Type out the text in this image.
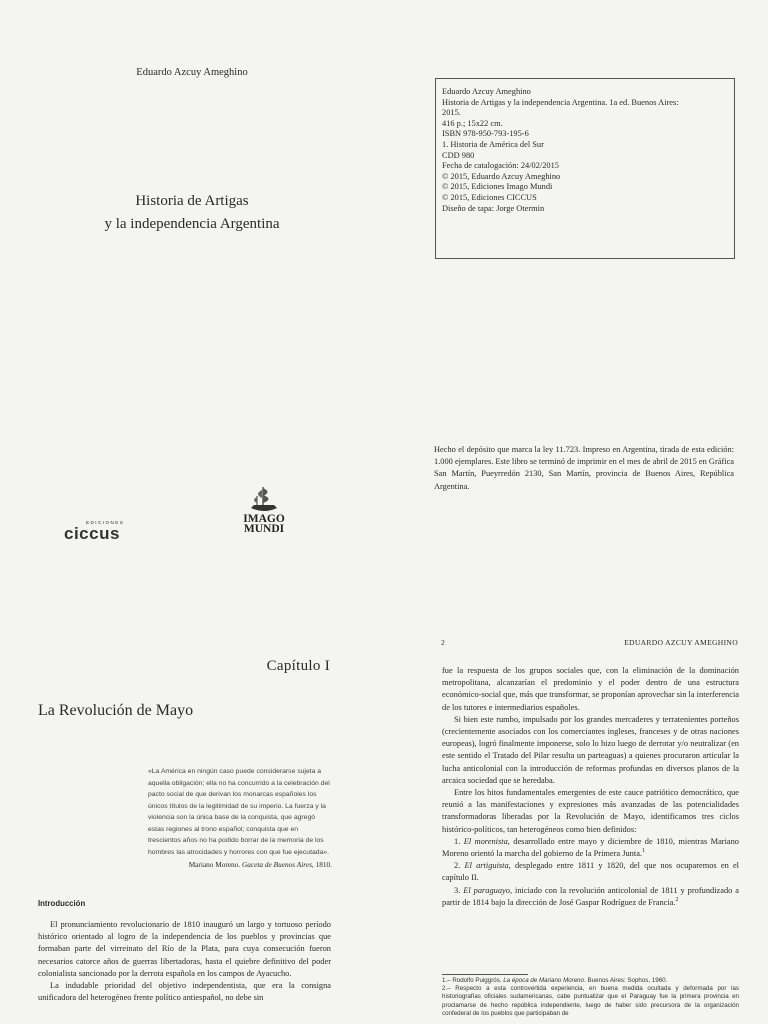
Eduardo Azcuy Ameghino
Historia de Artigas
y la independencia Argentina
EDICIONES
ciccus
IMAGO
MUNDI
Eduardo Azcuy Ameghino
Historia de Artigas y la independencia Argentina. 1a ed. Buenos Aires:
2015.
416 p.; 15x22 cm.
ISBN 978-950-793-195-6
1. Historia de América del Sur
CDD 980
Fecha de catalogación: 24/02/2015
© 2015, Eduardo Azcuy Ameghino
© 2015, Ediciones Imago Mundi
© 2015, Ediciones CICCUS
Diseño de tapa: Jorge Otermin
Hecho el depósito que marca la ley 11.723. Impreso en Argentina, tirada de esta edición: 1.000 ejemplares. Este libro se terminó de imprimir en el mes de abril de 2015 en Gráfica San Martín, Pueyrredón 2130, San Martín, provincia de Buenos Aires, República Argentina.
Capítulo I
La Revolución de Mayo
«La América en ningún caso puede considerarse sujeta a aquella obligación; ella no ha concurrido a la celebración del pacto social de que derivan los monarcas españoles los únicos títulos de la legitimidad de su imperio. La fuerza y la violencia son la única base de la conquista, que agregó estas regiones al trono español; conquista que en trescientos años no ha podido borrar de la memoria de los hombres las atrocidades y horrores con que fue ejecutada».
Mariano Moreno. Gaceta de Buenos Aires, 1810.
Introducción

El pronunciamiento revolucionario de 1810 inauguró un largo y tortuoso período histórico orientado al logro de la independencia de los pueblos y provincias que formaban parte del virreinato del Río de la Plata, para cuya consecución fueron necesarios catorce años de guerras libertadoras, hasta el quiebre definitivo del poder colonialista sancionado por la derrota española en los campos de Ayacucho.

La indudable prioridad del objetivo independentista, que era la consigna unificadora del heterogéneo frente político antiespañol, no debe sin

2	EDUARDO AZCUY AMEGHINO

fue la respuesta de los grupos sociales que, con la eliminación de la dominación metropolitana, alcanzarían el predominio y el poder dentro de una estructura económico-social que, más que transformar, se proponían aprovechar sin la interferencia de los tutores e intermediarios españoles.

Si bien este rumbo, impulsado por los grandes mercaderes y terratenientes porteños (crecientemente asociados con los comerciantes ingleses, franceses y de otras naciones europeas), logró finalmente imponerse, solo lo hizo luego de derrotar y/o neutralizar (en este sentido el Tratado del Pilar resulta un parteaguas) a quienes procuraron articular la lucha anticolonial con la introducción de reformas profundas en diversos planos de la arcaica sociedad que se heredaba.

Entre los hitos fundamentales emergentes de este cauce patriótico democrático, que reunió a las manifestaciones y expresiones más avanzadas de las potencialidades transformadoras liberadas por la Revolución de Mayo, identificamos tres ciclos histórico-políticos, tan heterogéneos como bien definidos:

1. El morenista, desarrollado entre mayo y diciembre de 1810, mientras Mariano Moreno orientó la marcha del gobierno de la Primera Junta.$^1$

2. El artiguista, desplegado entre 1811 y 1820, del que nos ocuparemos en el capítulo II.

3. El paraguayo, iniciado con la revolución anticolonial de 1811 y profundizado a partir de 1814 bajo la dirección de José Gaspar Rodríguez de Francia.$^2$

1.– Rodolfo Puiggrós. La época de Mariano Moreno. Buenos Aires: Sophos, 1960.
2.– Respecto a esta controvertida experiencia, en buena medida ocultada y deformada por las historiografías oficiales sudamericanas, cabe puntualizar que el Paraguay fue la primera provincia en proclamarse de hecho república independiente, luego de haber sido precursora de la organización confederal de los pueblos que participaban de
